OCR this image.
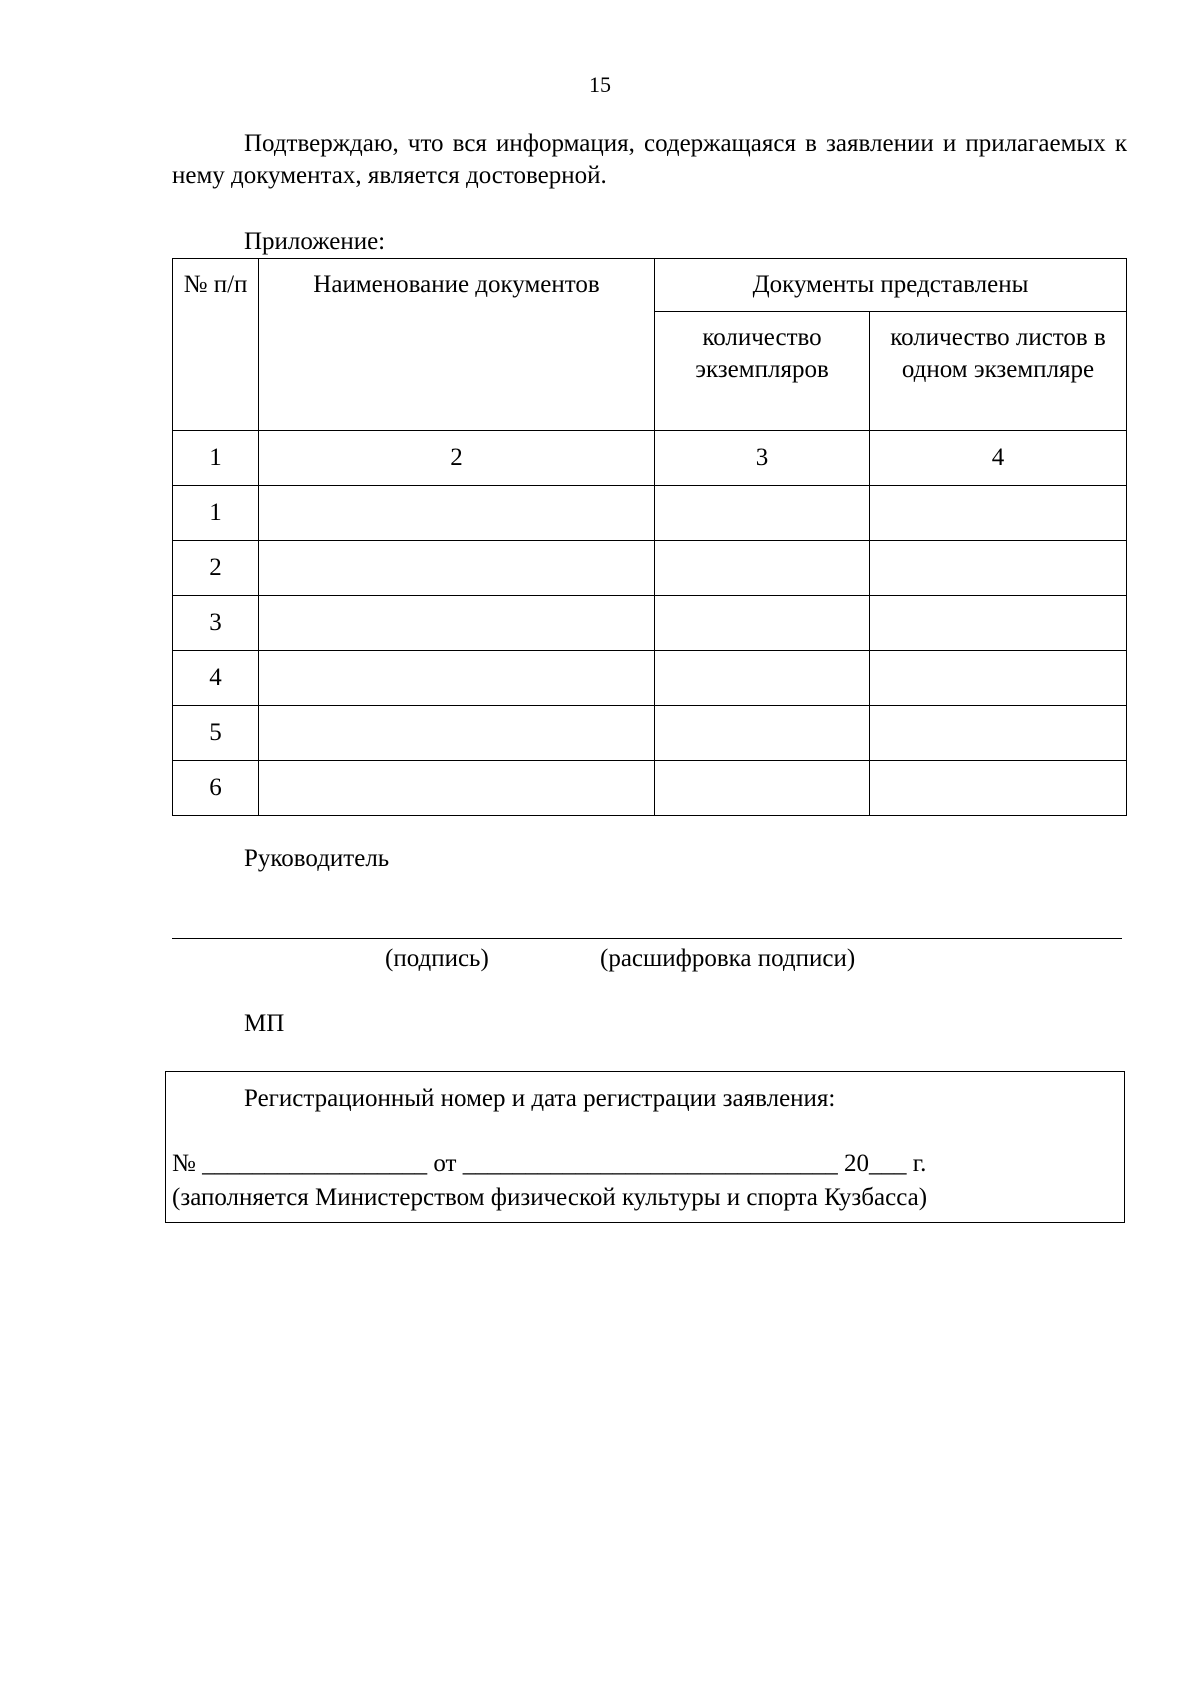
15
Подтверждаю, что вся информация, содержащаяся в заявлении и прилагаемых к нему документах, является достоверной.
Приложение:
№ п/п	Наименование документов	Документы представлены	
		количество экземпляров	количество листов в одном экземпляре
1	2	3	4
1			
2			
3			
4			
5			
6			
Руководитель
(подпись)	(расшифровка подписи)
МП
Регистрационный номер и дата регистрации заявления:
№ __________________ от ______________________________ 20___ г.
(заполняется Министерством физической культуры и спорта Кузбасса)
